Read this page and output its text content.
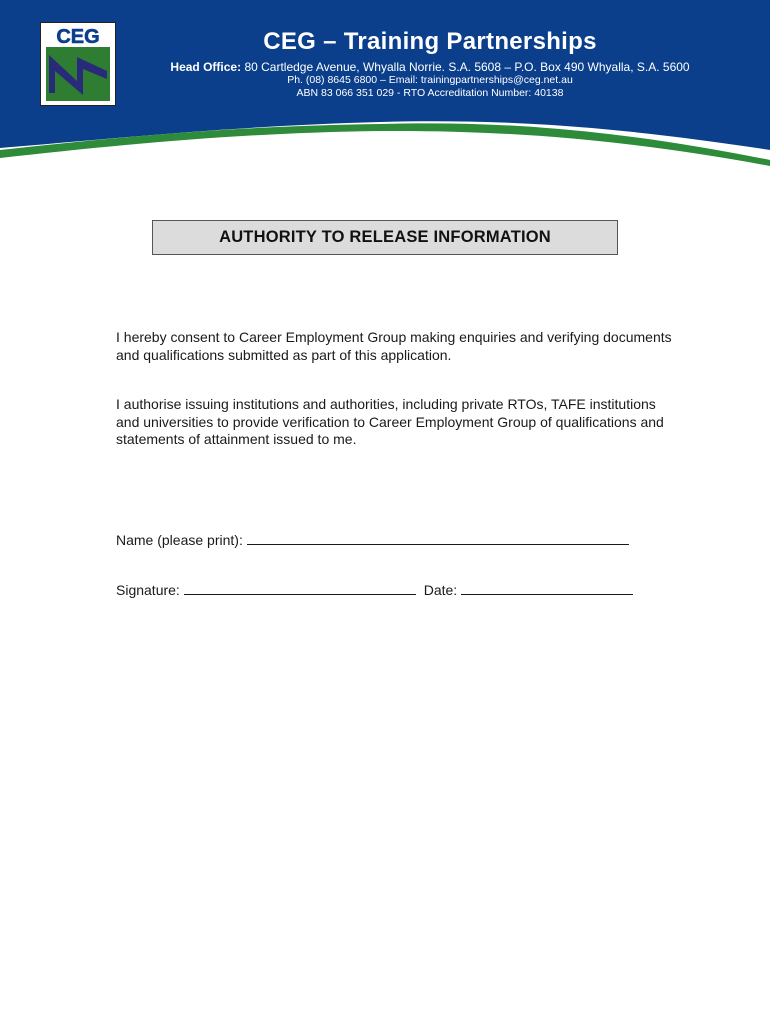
CEG	CEG – Training Partnerships
Head Office: 80 Cartledge Avenue, Whyalla Norrie. S.A. 5608 – P.O. Box 490 Whyalla, S.A. 5600
Ph. (08) 8645 6800 – Email: trainingpartnerships@ceg.net.au
ABN 83 066 351 029 - RTO Accreditation Number: 40138
AUTHORITY TO RELEASE INFORMATION
I hereby consent to Career Employment Group making enquiries and verifying documents and qualifications submitted as part of this application.
I authorise issuing institutions and authorities, including private RTOs, TAFE institutions and universities to provide verification to Career Employment Group of qualifications and statements of attainment issued to me.
Name (please print):
Signature:	Date:
